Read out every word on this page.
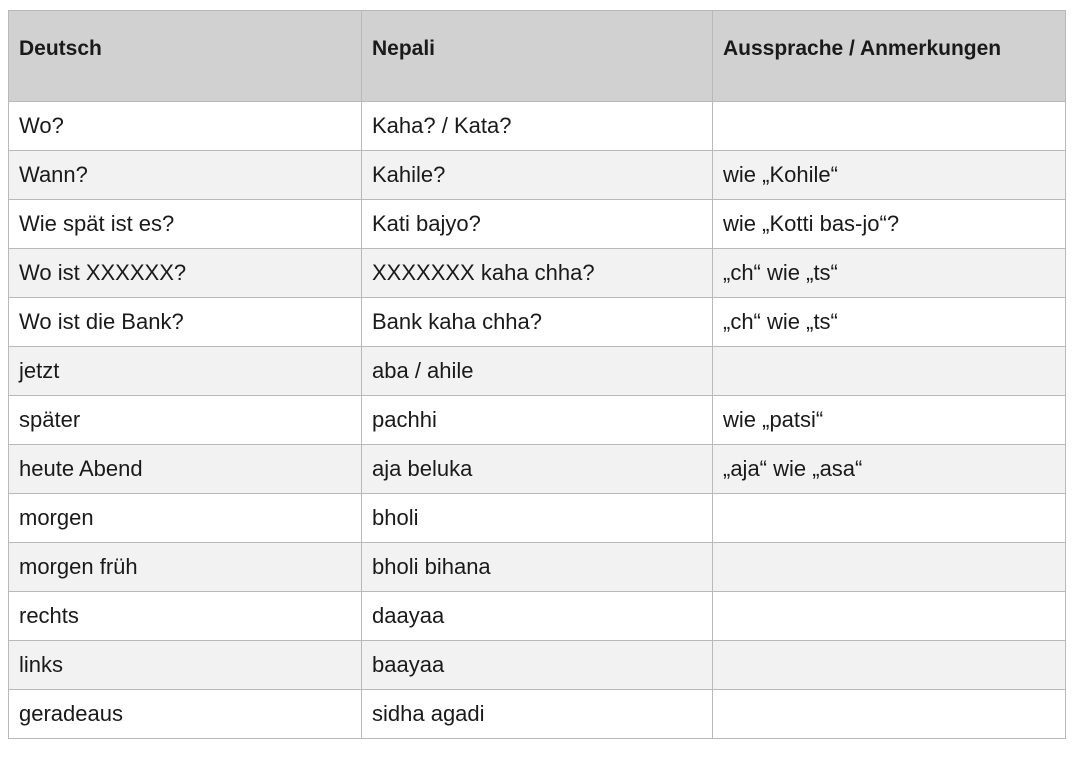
Deutsch	Nepali	Aussprache / Anmerkungen
Wo?	Kaha? / Kata?	
Wann?	Kahile?	wie „Kohile“
Wie spät ist es?	Kati bajyo?	wie „Kotti bas-jo“?
Wo ist XXXXXX?	XXXXXXX kaha chha?	„ch“ wie „ts“
Wo ist die Bank?	Bank kaha chha?	„ch“ wie „ts“
jetzt	aba / ahile	
später	pachhi	wie „patsi“
heute Abend	aja beluka	„aja“ wie „asa“
morgen	bholi	
morgen früh	bholi bihana	
rechts	daayaa	
links	baayaa	
geradeaus	sidha agadi	
